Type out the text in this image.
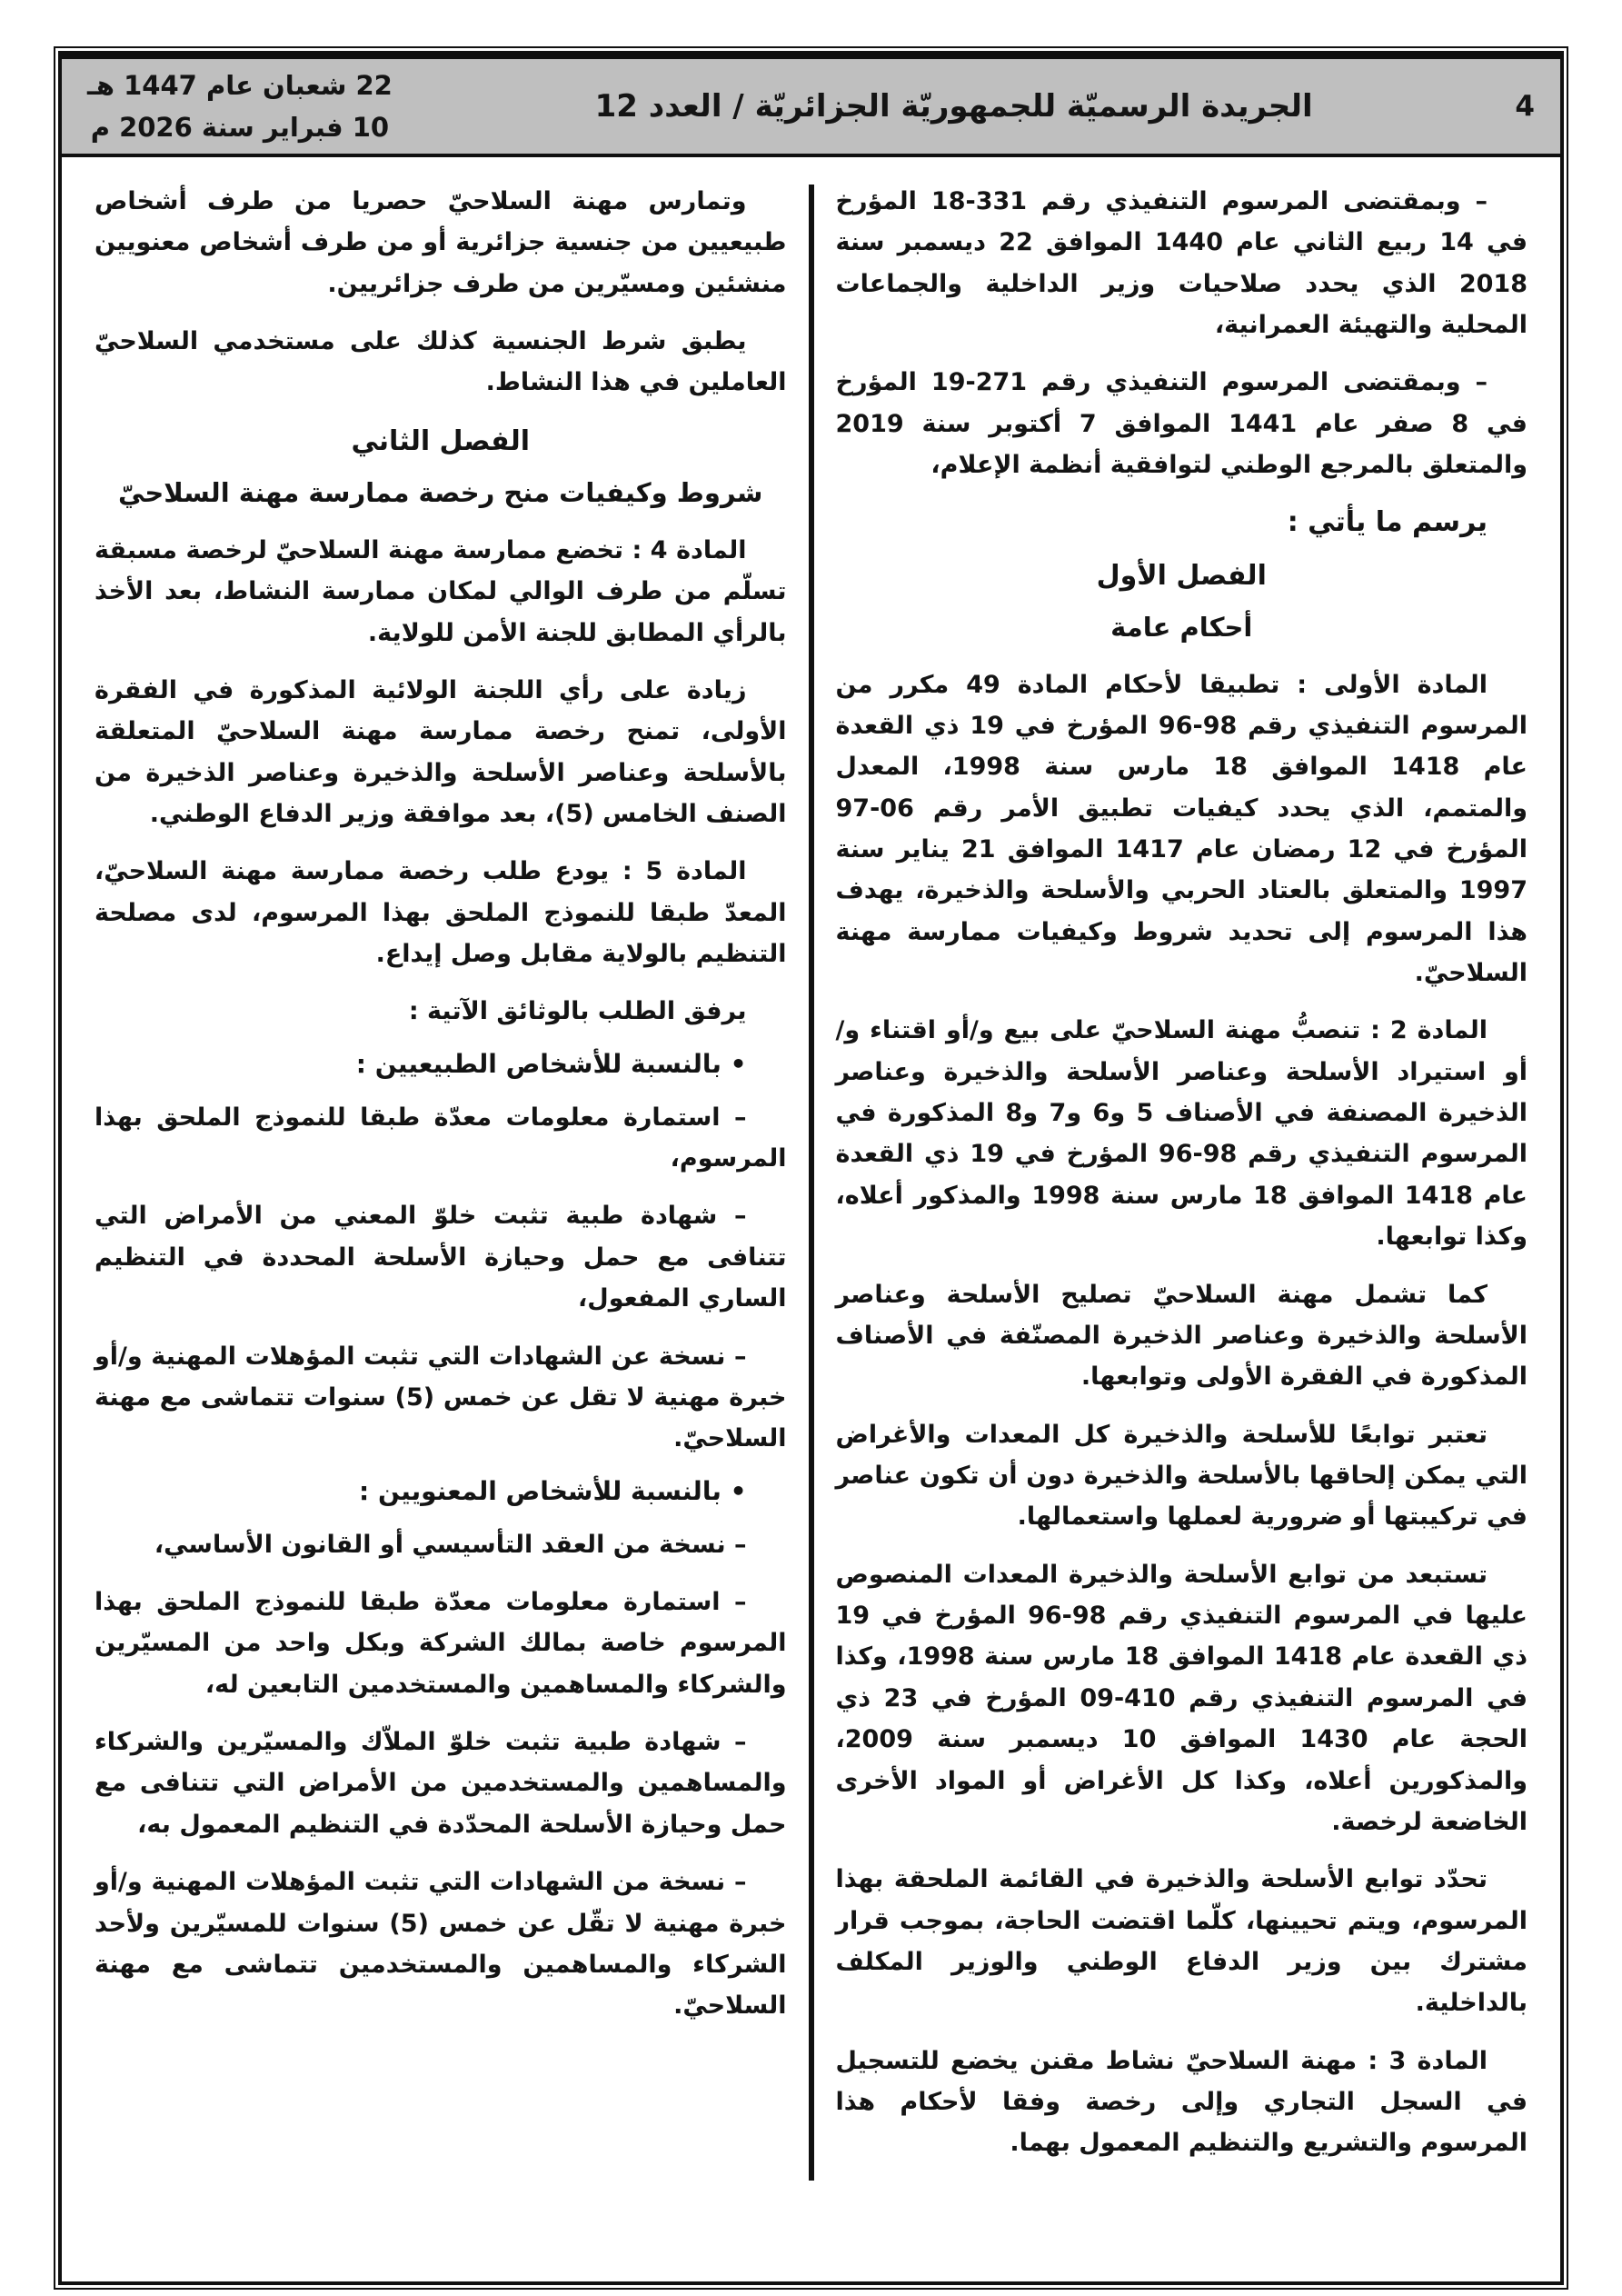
4
الجريدة الرسميّة للجمهوريّة الجزائريّة / العدد 12
22 شعبان عام 1447 هـ
10 فبراير سنة 2026 م

– وبمقتضى المرسوم التنفيذي رقم 331-18 المؤرخ في 14 ربيع الثاني عام 1440 الموافق 22 ديسمبر سنة 2018 الذي يحدد صلاحيات وزير الداخلية والجماعات المحلية والتهيئة العمرانية،

– وبمقتضى المرسوم التنفيذي رقم 271-19 المؤرخ في 8 صفر عام 1441 الموافق 7 أكتوبر سنة 2019 والمتعلق بالمرجع الوطني لتوافقية أنظمة الإعلام،

يرسم ما يأتي :

الفصل الأول

أحكام عامة

المادة الأولى : تطبيقا لأحكام المادة 49 مكرر من المرسوم التنفيذي رقم 98-96 المؤرخ في 19 ذي القعدة عام 1418 الموافق 18 مارس سنة 1998، المعدل والمتمم، الذي يحدد كيفيات تطبيق الأمر رقم 06-97 المؤرخ في 12 رمضان عام 1417 الموافق 21 يناير سنة 1997 والمتعلق بالعتاد الحربي والأسلحة والذخيرة، يهدف هذا المرسوم إلى تحديد شروط وكيفيات ممارسة مهنة السلاحيّ.

المادة 2 : تنصبُّ مهنة السلاحيّ على بيع و/أو اقتناء و/أو استيراد الأسلحة وعناصر الأسلحة والذخيرة وعناصر الذخيرة المصنفة في الأصناف 5 و6 و7 و8 المذكورة في المرسوم التنفيذي رقم 98-96 المؤرخ في 19 ذي القعدة عام 1418 الموافق 18 مارس سنة 1998 والمذكور أعلاه، وكذا توابعها.

كما تشمل مهنة السلاحيّ تصليح الأسلحة وعناصر الأسلحة والذخيرة وعناصر الذخيرة المصنّفة في الأصناف المذكورة في الفقرة الأولى وتوابعها.

تعتبر توابعًا للأسلحة والذخيرة كل المعدات والأغراض التي يمكن إلحاقها بالأسلحة والذخيرة دون أن تكون عناصر في تركيبتها أو ضرورية لعملها واستعمالها.

تستبعد من توابع الأسلحة والذخيرة المعدات المنصوص عليها في المرسوم التنفيذي رقم 98-96 المؤرخ في 19 ذي القعدة عام 1418 الموافق 18 مارس سنة 1998، وكذا في المرسوم التنفيذي رقم 410-09 المؤرخ في 23 ذي الحجة عام 1430 الموافق 10 ديسمبر سنة 2009، والمذكورين أعلاه، وكذا كل الأغراض أو المواد الأخرى الخاضعة لرخصة.

تحدّد توابع الأسلحة والذخيرة في القائمة الملحقة بهذا المرسوم، ويتم تحيينها، كلّما اقتضت الحاجة، بموجب قرار مشترك بين وزير الدفاع الوطني والوزير المكلف بالداخلية.

المادة 3 : مهنة السلاحيّ نشاط مقنن يخضع للتسجيل في السجل التجاري وإلى رخصة وفقا لأحكام هذا المرسوم والتشريع والتنظيم المعمول بهما.

وتمارس مهنة السلاحيّ حصريا من طرف أشخاص طبيعيين من جنسية جزائرية أو من طرف أشخاص معنويين منشئين ومسيّرين من طرف جزائريين.

يطبق شرط الجنسية كذلك على مستخدمي السلاحيّ العاملين في هذا النشاط.

الفصل الثاني

شروط وكيفيات منح رخصة ممارسة مهنة السلاحيّ

المادة 4 : تخضع ممارسة مهنة السلاحيّ لرخصة مسبقة تسلّم من طرف الوالي لمكان ممارسة النشاط، بعد الأخذ بالرأي المطابق للجنة الأمن للولاية.

زيادة على رأي اللجنة الولائية المذكورة في الفقرة الأولى، تمنح رخصة ممارسة مهنة السلاحيّ المتعلقة بالأسلحة وعناصر الأسلحة والذخيرة وعناصر الذخيرة من الصنف الخامس (5)، بعد موافقة وزير الدفاع الوطني.

المادة 5 : يودع طلب رخصة ممارسة مهنة السلاحيّ، المعدّ طبقا للنموذج الملحق بهذا المرسوم، لدى مصلحة التنظيم بالولاية مقابل وصل إيداع.

يرفق الطلب بالوثائق الآتية :

• بالنسبة للأشخاص الطبيعيين :

– استمارة معلومات معدّة طبقا للنموذج الملحق بهذا المرسوم،

– شهادة طبية تثبت خلوّ المعني من الأمراض التي تتنافى مع حمل وحيازة الأسلحة المحددة في التنظيم الساري المفعول،

– نسخة عن الشهادات التي تثبت المؤهلات المهنية و/أو خبرة مهنية لا تقل عن خمس (5) سنوات تتماشى مع مهنة السلاحيّ.

• بالنسبة للأشخاص المعنويين :

– نسخة من العقد التأسيسي أو القانون الأساسي،

– استمارة معلومات معدّة طبقا للنموذج الملحق بهذا المرسوم خاصة بمالك الشركة وبكل واحد من المسيّرين والشركاء والمساهمين والمستخدمين التابعين له،

– شهادة طبية تثبت خلوّ الملاّك والمسيّرين والشركاء والمساهمين والمستخدمين من الأمراض التي تتنافى مع حمل وحيازة الأسلحة المحدّدة في التنظيم المعمول به،

– نسخة من الشهادات التي تثبت المؤهلات المهنية و/أو خبرة مهنية لا تقّل عن خمس (5) سنوات للمسيّرين ولأحد الشركاء والمساهمين والمستخدمين تتماشى مع مهنة السلاحيّ.
